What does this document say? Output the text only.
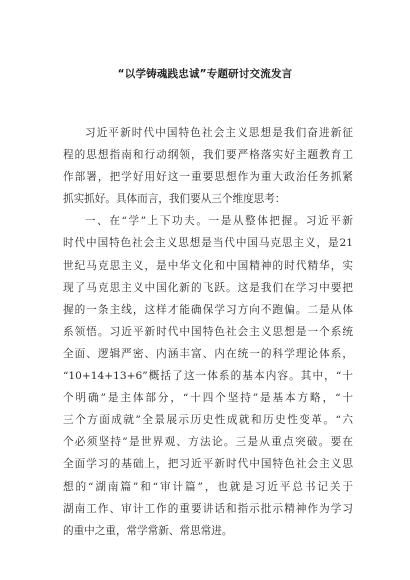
“以学铸魂践忠诚”专题研讨交流发言
习近平新时代中国特色社会主义思想是我们奋进新征
程的思想指南和行动纲领，我们要严格落实好主题教育工
作部署，把学好用好这一重要思想作为重大政治任务抓紧
抓实抓好。具体而言，我们要从三个维度思考：
一、在“学”上下功夫。一是从整体把握。习近平新
时代中国特色社会主义思想是当代中国马克思主义，是21
世纪马克思主义，是中华文化和中国精神的时代精华，实
现了马克思主义中国化新的飞跃。这是我们在学习中要把
握的一条主线，这样才能确保学习方向不跑偏。二是从体
系领悟。习近平新时代中国特色社会主义思想是一个系统
全面、逻辑严密、内涵丰富、内在统一的科学理论体系，
“10+14+13+6”概括了这一体系的基本内容。其中，“十
个明确”是主体部分，“十四个坚持”是基本方略，“十
三个方面成就”全景展示历史性成就和历史性变革。“六
个必须坚持”是世界观、方法论。三是从重点突破。要在
全面学习的基础上，把习近平新时代中国特色社会主义思
想的“湖南篇”和“审计篇”，也就是习近平总书记关于
湖南工作、审计工作的重要讲话和指示批示精神作为学习
的重中之重，常学常新、常思常进。
